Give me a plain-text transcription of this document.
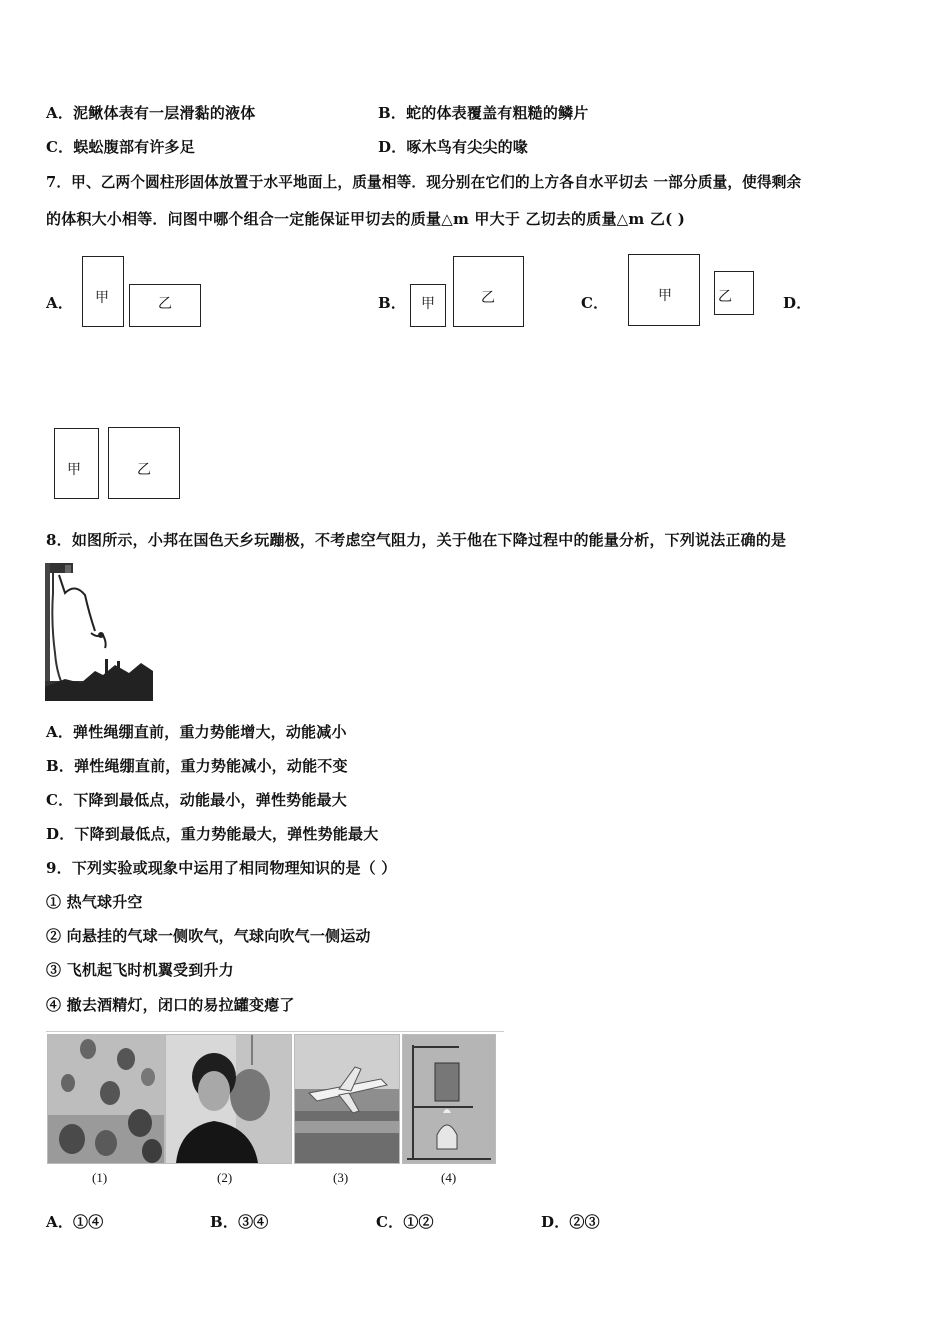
A．泥鳅体表有一层滑黏的液体	B．蛇的体表覆盖有粗糙的鳞片
C．蜈蚣腹部有许多足	D．啄木鸟有尖尖的喙
7．甲、乙两个圆柱形固体放置于水平地面上，质量相等．现分别在它们的上方各自水平切去 一部分质量，使得剩余
的体积大小相等．问图中哪个组合一定能保证甲切去的质量△m 甲大于 乙切去的质量△m 乙( )
A． 甲	乙	B． 甲	乙	C．	甲	乙	D．
甲	乙
8．如图所示，小邦在国色天乡玩蹦极，不考虑空气阻力，关于他在下降过程中的能量分析，下列说法正确的是
A．弹性绳绷直前，重力势能增大，动能减小
B．弹性绳绷直前，重力势能减小，动能不变
C．下降到最低点，动能最小，弹性势能最大
D．下降到最低点，重力势能最大，弹性势能最大
9．下列实验或现象中运用了相同物理知识的是（ ）
① 热气球升空
② 向悬挂的气球一侧吹气，气球向吹气一侧运动
③ 飞机起飞时机翼受到升力
④ 撤去酒精灯，闭口的易拉罐变瘪了
(1)	(2)	(3)	(4)
A．①④	B．③④	C．①②	D．②③
